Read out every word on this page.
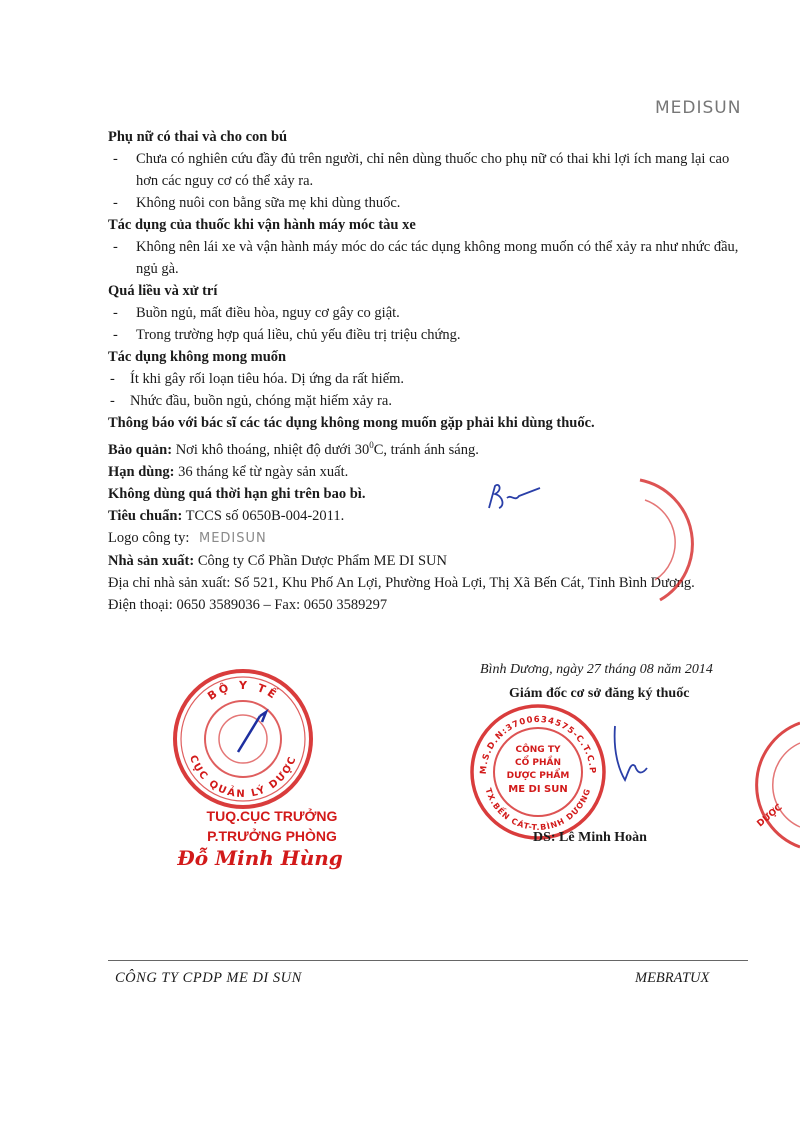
MEDISUN

Phụ nữ có thai và cho con bú

- Chưa có nghiên cứu đầy đủ trên người, chỉ nên dùng thuốc cho phụ nữ có thai khi lợi ích mang lại cao hơn các nguy cơ có thể xảy ra.
- Không nuôi con bằng sữa mẹ khi dùng thuốc.

Tác dụng của thuốc khi vận hành máy móc tàu xe

- Không nên lái xe và vận hành máy móc do các tác dụng không mong muốn có thể xảy ra như nhức đầu, ngủ gà.

Quá liều và xử trí

- Buồn ngủ, mất điều hòa, nguy cơ gây co giật.
- Trong trường hợp quá liều, chủ yếu điều trị triệu chứng.

Tác dụng không mong muốn

- Ít khi gây rối loạn tiêu hóa. Dị ứng da rất hiếm.
- Nhức đầu, buồn ngủ, chóng mặt hiếm xảy ra.

Thông báo với bác sĩ các tác dụng không mong muốn gặp phải khi dùng thuốc.

Bảo quản: Nơi khô thoáng, nhiệt độ dưới $30^0C$, tránh ánh sáng.

Hạn dùng: 36 tháng kể từ ngày sản xuất.

Không dùng quá thời hạn ghi trên bao bì.

Tiêu chuẩn: TCCS số 0650B-004-2011.

Logo công ty: MEDISUN

Nhà sản xuất: Công ty Cổ Phần Dược Phẩm ME DI SUN

Địa chỉ nhà sản xuất: Số 521, Khu Phố An Lợi, Phường Hoà Lợi, Thị Xã Bến Cát, Tỉnh Bình Dương.

Điện thoại: 0650 3589036 – Fax: 0650 3589297

BỘ Y TẾ
CỤC QUẢN LÝ DƯỢC
TUQ.CỤC TRƯỞNG
P.TRƯỞNG PHÒNG
Đỗ Minh Hùng
Bình Dương, ngày 27 tháng 08 năm 2014
Giám đốc cơ sở đăng ký thuốc
M.S.D.N:3700634575-C.T.C.P
TX.BẾN CÁT-T.BÌNH DƯƠNG
CÔNG TY
CỔ PHẦN
DƯỢC PHẨM
ME DI SUN
DƯỢC
DS: Lê Minh Hoàn
CÔNG TY CPDP ME DI SUN	MEBRATUX
